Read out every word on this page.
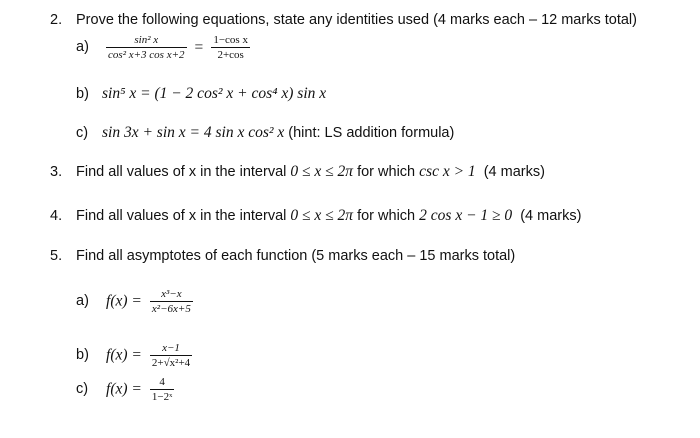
2. Prove the following equations, state any identities used (4 marks each – 12 marks total)
$a) \frac{\text{sin² x}}{\text{cos² x+3 cos x+2}} = \frac{\text{1−cos x}}{2+\cos}$
b) sin⁵ x = (1 − 2 cos² x + cos⁴ x) sin x
c) sin 3x + sin x = 4 sin x cos² x (hint: LS addition formula)
3. Find all values of x in the interval 0 ≤ x ≤ 2π for which csc x > 1  (4 marks)
4. Find all values of x in the interval 0 ≤ x ≤ 2π for which 2 cos x − 1 ≥ 0  (4 marks)
5. Find all asymptotes of each function (5 marks each – 15 marks total)
a) $f(x) = \frac{\text{x³−x}}{\text{x²−6x+5}}$
b) $f(x) = \frac{x-1}{\text{2+√x²+4}}$
c) $f(x) = \frac{4}{\text{1−2ˣ}}$
